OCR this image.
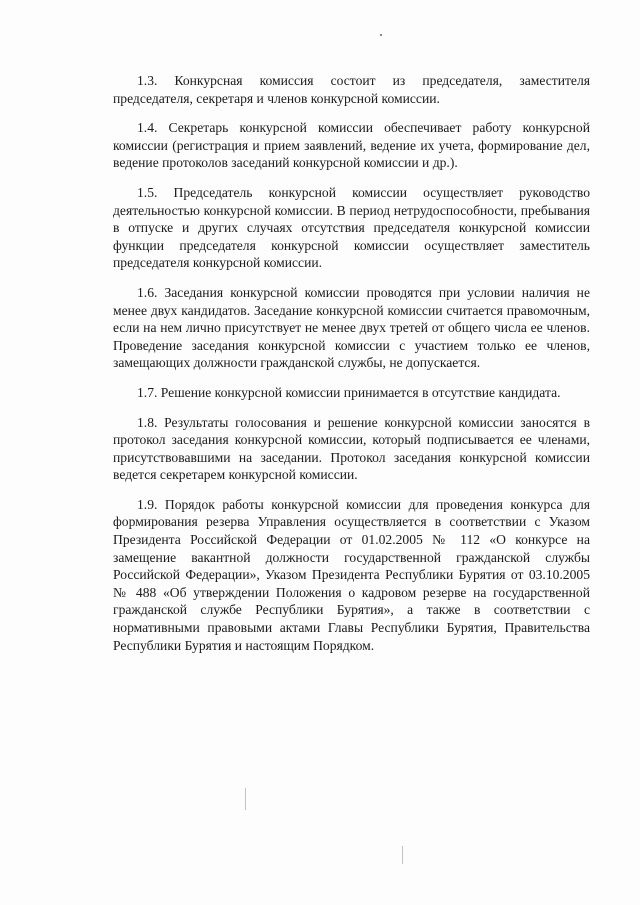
1.3. Конкурсная комиссия состоит из председателя, заместителя председателя, секретаря и членов конкурсной комиссии.

1.4. Секретарь конкурсной комиссии обеспечивает работу конкурсной комиссии (регистрация и прием заявлений, ведение их учета, формирование дел, ведение протоколов заседаний конкурсной комиссии и др.).

1.5. Председатель конкурсной комиссии осуществляет руководство деятельностью конкурсной комиссии. В период нетрудоспособности, пребывания в отпуске и других случаях отсутствия председателя конкурсной комиссии функции председателя конкурсной комиссии осуществляет заместитель председателя конкурсной комиссии.

1.6. Заседания конкурсной комиссии проводятся при условии наличия не менее двух кандидатов. Заседание конкурсной комиссии считается правомочным, если на нем лично присутствует не менее двух третей от общего числа ее членов. Проведение заседания конкурсной комиссии с участием только ее членов, замещающих должности гражданской службы, не допускается.

1.7. Решение конкурсной комиссии принимается в отсутствие кандидата.

1.8. Результаты голосования и решение конкурсной комиссии заносятся в протокол заседания конкурсной комиссии, который подписывается ее членами, присутствовавшими на заседании. Протокол заседания конкурсной комиссии ведется секретарем конкурсной комиссии.

1.9. Порядок работы конкурсной комиссии для проведения конкурса для формирования резерва Управления осуществляется в соответствии с Указом Президента Российской Федерации от 01.02.2005 № 112 «О конкурсе на замещение вакантной должности государственной гражданской службы Российской Федерации», Указом Президента Республики Бурятия от 03.10.2005 № 488 «Об утверждении Положения о кадровом резерве на государственной гражданской службе Республики Бурятия», а также в соответствии с нормативными правовыми актами Главы Республики Бурятия, Правительства Республики Бурятия и настоящим Порядком.
